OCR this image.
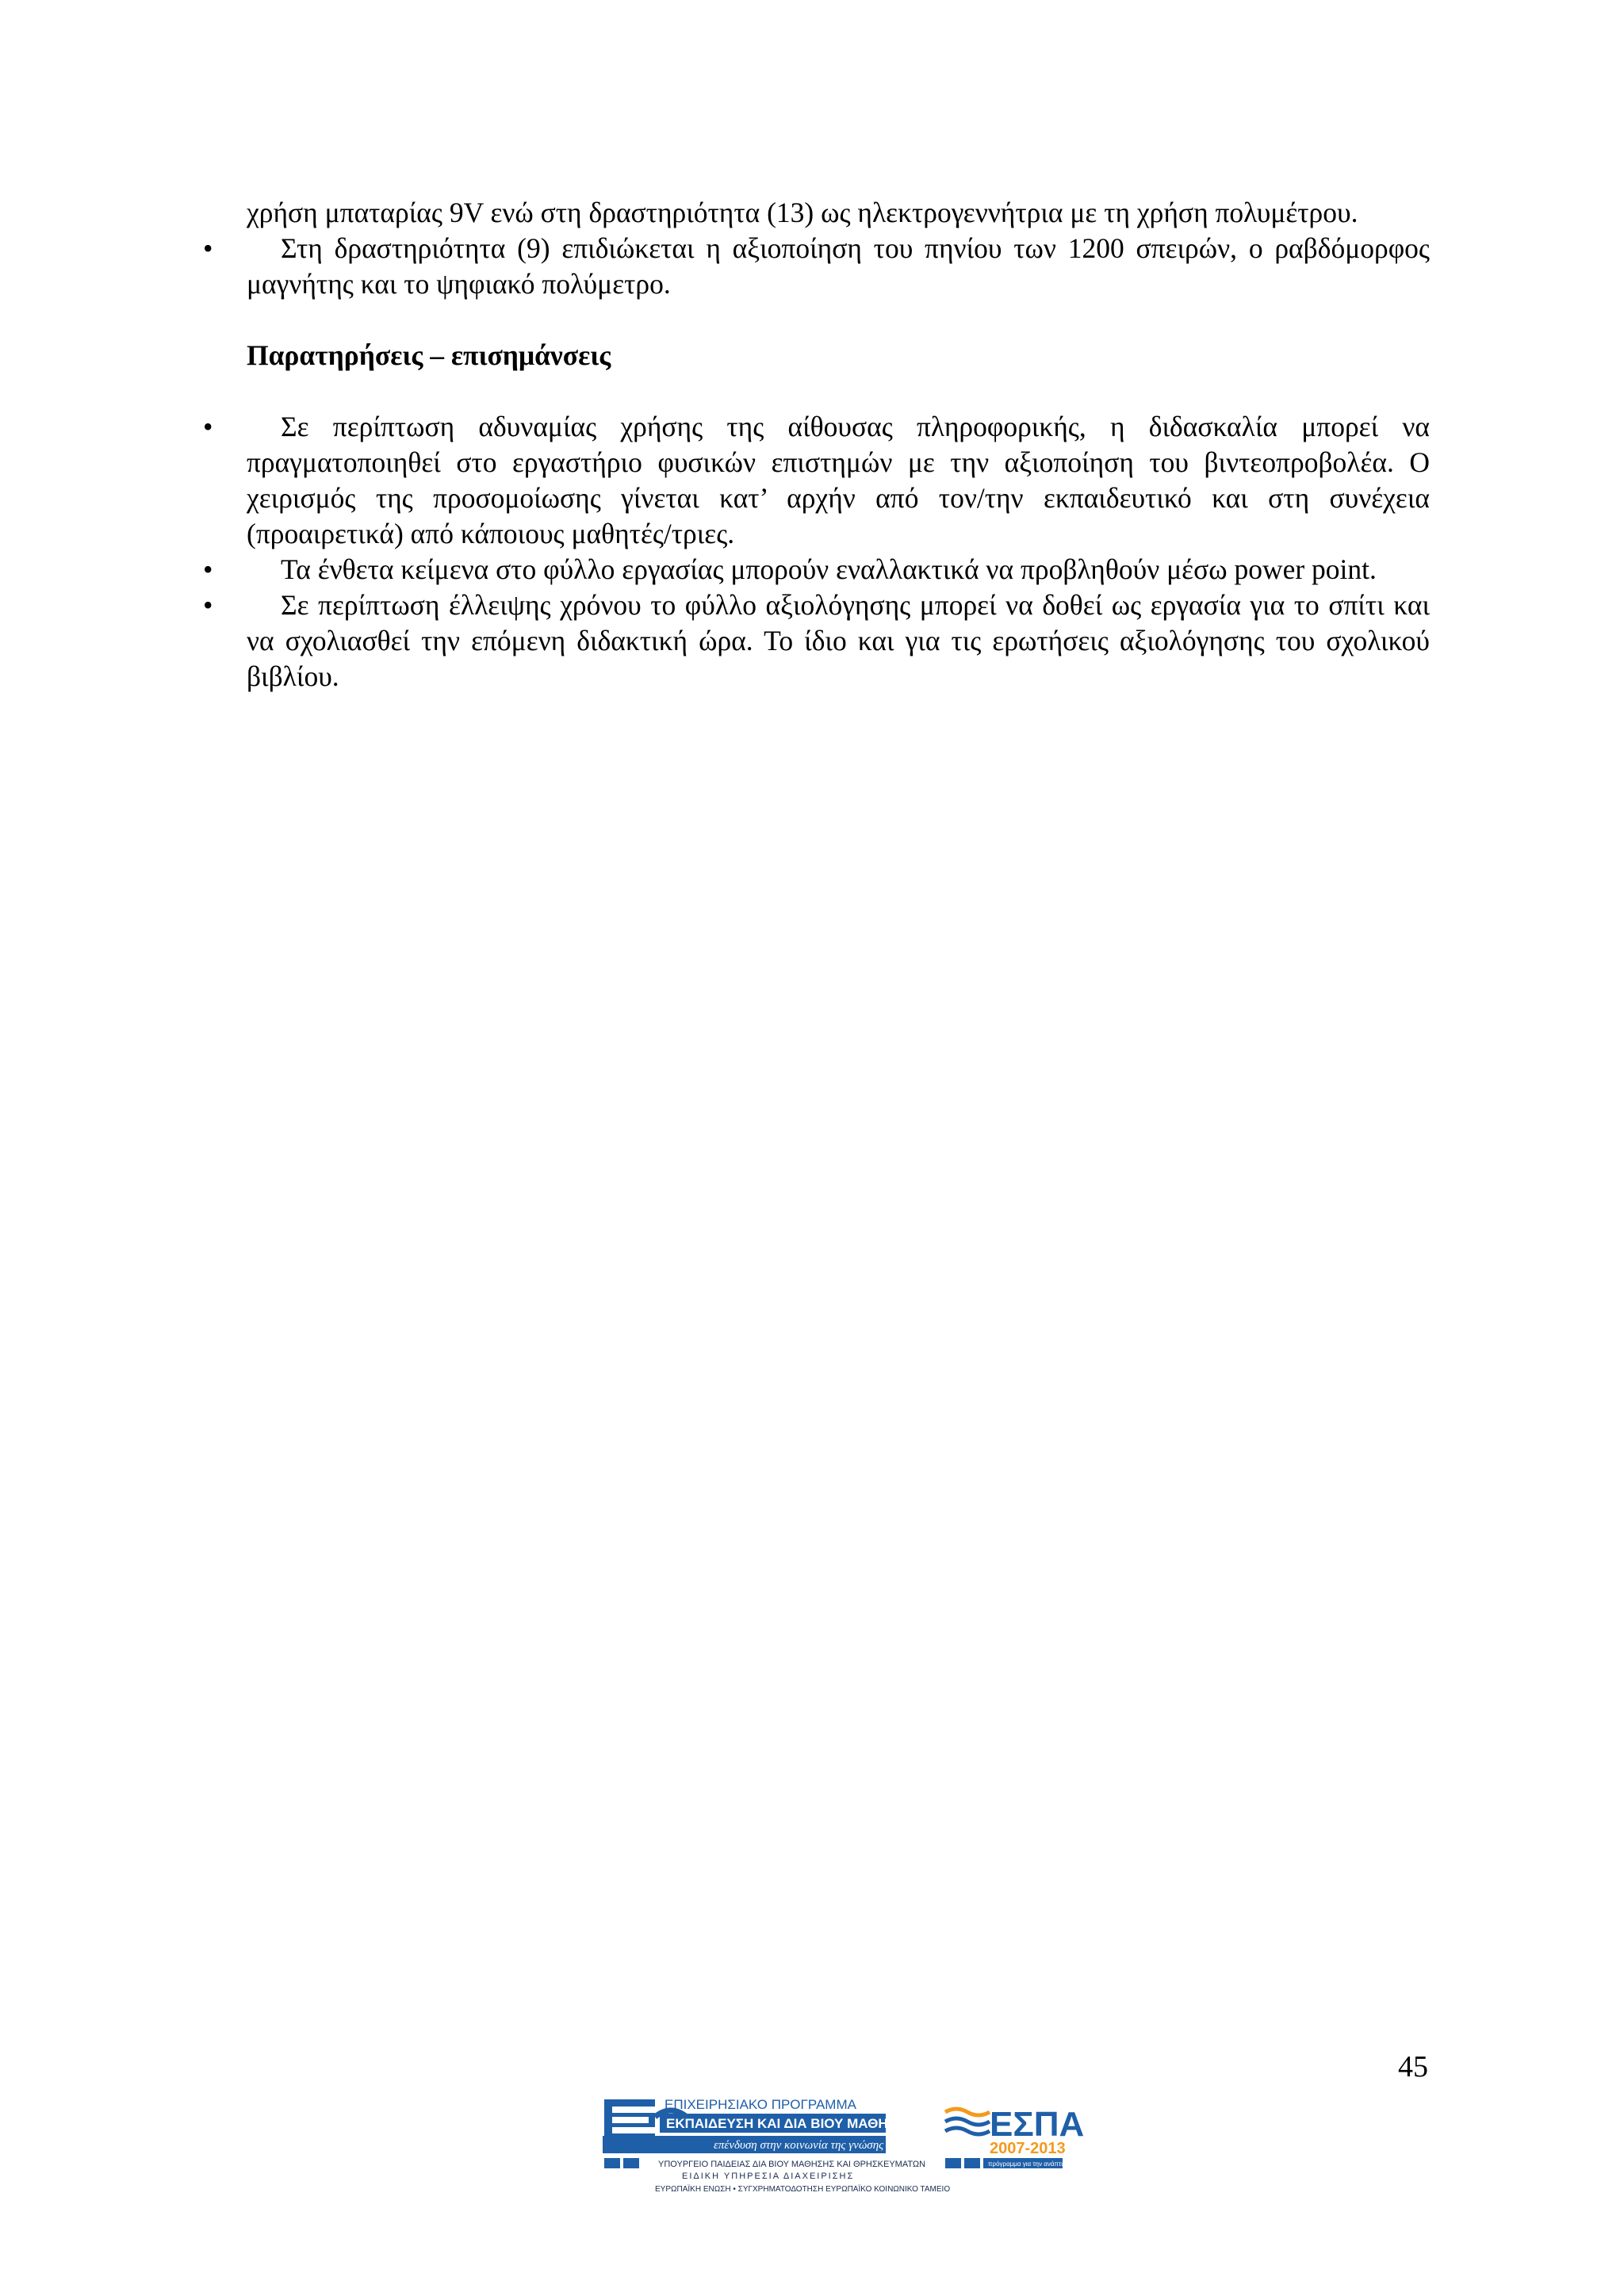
χρήση μπαταρίας 9V ενώ στη δραστηριότητα (13) ως ηλεκτρογεννήτρια με τη χρήση πολυμέτρου.

•	Στη δραστηριότητα (9) επιδιώκεται η αξιοποίηση του πηνίου των 1200 σπειρών, ο ραβδόμορφος μαγνήτης και το ψηφιακό πολύμετρο.

Παρατηρήσεις – επισημάνσεις

•	Σε περίπτωση αδυναμίας χρήσης της αίθουσας πληροφορικής, η διδασκαλία μπορεί να πραγματοποιηθεί στο εργαστήριο φυσικών επιστημών με την αξιοποίηση του βιντεοπροβολέα. Ο χειρισμός της προσομοίωσης γίνεται κατ’ αρχήν από τον/την εκπαιδευτικό και στη συνέχεια (προαιρετικά) από κάποιους μαθητές/τριες.
•	Τα ένθετα κείμενα στο φύλλο εργασίας μπορούν εναλλακτικά να προβληθούν μέσω power point.
•	Σε περίπτωση έλλειψης χρόνου το φύλλο αξιολόγησης μπορεί να δοθεί ως εργασία για το σπίτι και να σχολιασθεί την επόμενη διδακτική ώρα. Το ίδιο και για τις ερωτήσεις αξιολόγησης του σχολικού βιβλίου.
45
ΕΠΙΧΕΙΡΗΣΙΑΚΟ ΠΡΟΓΡΑΜΜΑ
ΕΚΠΑΙΔΕΥΣΗ ΚΑΙ ΔΙΑ ΒΙΟΥ ΜΑΘΗΣΗ
επένδυση στην κοινωνία της γνώσης
ΥΠΟΥΡΓΕΙΟ ΠΑΙΔΕΙΑΣ ΔΙΑ ΒΙΟΥ ΜΑΘΗΣΗΣ ΚΑΙ ΘΡΗΣΚΕΥΜΑΤΩΝ
ΕΙΔΙΚΗ ΥΠΗΡΕΣΙΑ ΔΙΑΧΕΙΡΙΣΗΣ
ΕΥΡΩΠΑΪΚΗ ΕΝΩΣΗ • ΣΥΓΧΡΗΜΑΤΟΔΟΤΗΣΗ ΕΥΡΩΠΑΪΚΟ ΚΟΙΝΩΝΙΚΟ ΤΑΜΕΙΟ
ΕΣΠΑ
2007-2013
πρόγραμμα για την ανάπτυξη
